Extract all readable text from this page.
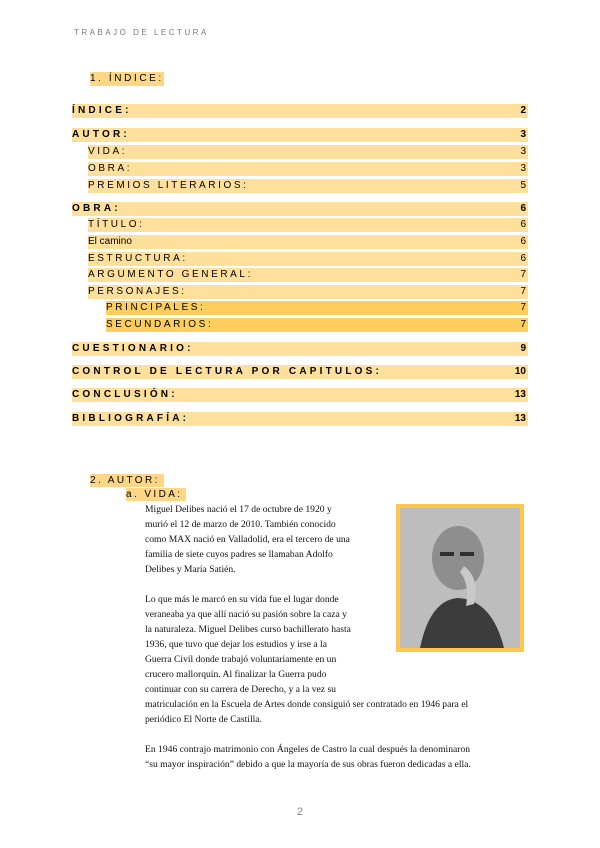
TRABAJO DE LECTURA
1. ÍNDICE:
ÍNDICE:	2
AUTOR:	3
VIDA:	3
OBRA:	3
PREMIOS LITERARIOS:	5
OBRA:	6
TÍTULO:	6
El camino	6
ESTRUCTURA:	6
ARGUMENTO GENERAL:	7
PERSONAJES:	7
PRINCIPALES:	7
SECUNDARIOS:	7
CUESTIONARIO:	9
CONTROL DE LECTURA POR CAPITULOS:	10
CONCLUSIÓN:	13
BIBLIOGRAFÍA:	13
2. AUTOR:
a. VIDA:
Miguel Delibes nació el 17 de octubre de 1920 y
murió el 12 de marzo de 2010. También conocido
como MAX nació en Valladolid, era el tercero de una
familia de siete cuyos padres se llamaban Adolfo
Delibes y María Satién.
Lo que más le marcó en su vida fue el lugar donde
veraneaba ya que allí nació su pasión sobre la caza y
la naturaleza. Miguel Delibes curso bachillerato hasta
1936, que tuvo que dejar los estudios y irse a la
Guerra Civil donde trabajó voluntariamente en un
crucero mallorquín. Al finalizar la Guerra pudo
continuar con su carrera de Derecho, y a la vez su
matriculación en la Escuela de Artes donde consiguió ser contratado en 1946 para el
periódico El Norte de Castilla.
En 1946 contrajo matrimonio con Ángeles de Castro la cual después la denominaron
“su mayor inspiración” debido a que la mayoría de sus obras fueron dedicadas a ella.
2
